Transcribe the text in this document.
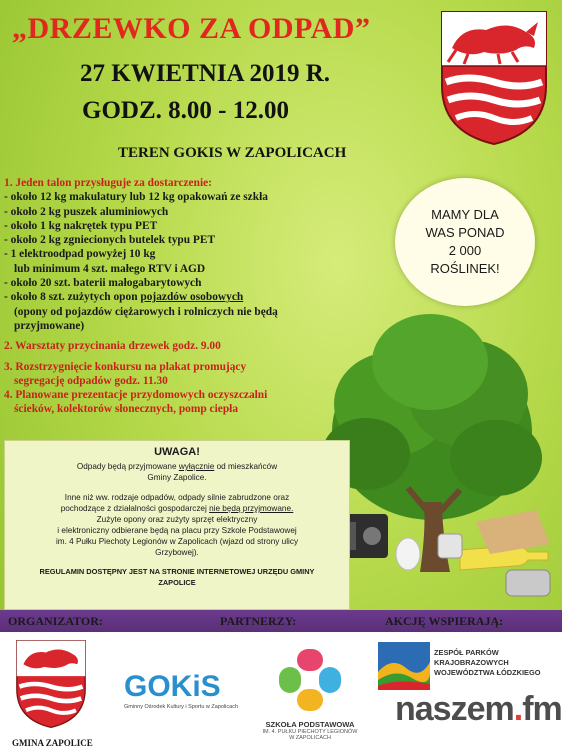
„DRZEWKO ZA ODPAD”
27 KWIETNIA 2019 R.
GODZ. 8.00 - 12.00
TEREN GOKIS W ZAPOLICACH
1. Jeden talon przysługuje za dostarczenie:
- około 12 kg makulatury lub 12 kg opakowań ze szkła
- około 2 kg puszek aluminiowych
- około 1 kg nakrętek typu PET
- około 2 kg zgniecionych butelek typu PET
- 1 elektroodpad powyżej 10 kg
lub minimum 4 szt. małego RTV i AGD
- około 20 szt. baterii małogabarytowych
- około 8 szt. zużytych opon pojazdów osobowych
(opony od pojazdów ciężarowych i rolniczych nie będą
przyjmowane)
2. Warsztaty przycinania drzewek godz. 9.00
3. Rozstrzygnięcie konkursu na plakat promujący
segregację odpadów godz. 11.30
4. Planowane prezentacje przydomowych oczyszczalni
ścieków, kolektorów słonecznych, pomp ciepła
MAMY DLA
WAS PONAD
2 000
ROŚLINEK!
UWAGA!
Odpady będą przyjmowane wyłącznie od mieszkańców
Gminy Zapolice.
Inne niż ww. rodzaje odpadów, odpady silnie zabrudzone oraz
pochodzące z działalności gospodarczej nie będą przyjmowane.
Zużyte opony oraz zużyty sprzęt elektryczny
i elektroniczny odbierane będą na placu przy Szkole Podstawowej
im. 4 Pułku Piechoty Legionów w Zapolicach (wjazd od strony ulicy
Grzybowej).
REGULAMIN DOSTĘPNY JEST NA STRONIE INTERNETOWEJ URZĘDU GMINY
ZAPOLICE
ORGANIZATOR:	PARTNERZY:	AKCJĘ WSPIERAJĄ:
GMINA ZAPOLICE
GOKiS
Gminny Ośrodek Kultury i Sportu w Zapolicach
SZKOŁA PODSTAWOWA
IM. 4. PUŁKU PIECHOTY LEGIONÓW
W ZAPOLICACH
ZESPÓŁ PARKÓW
KRAJOBRAZOWYCH
WOJEWÓDZTWA ŁÓDZKIEGO
naszem.fm
